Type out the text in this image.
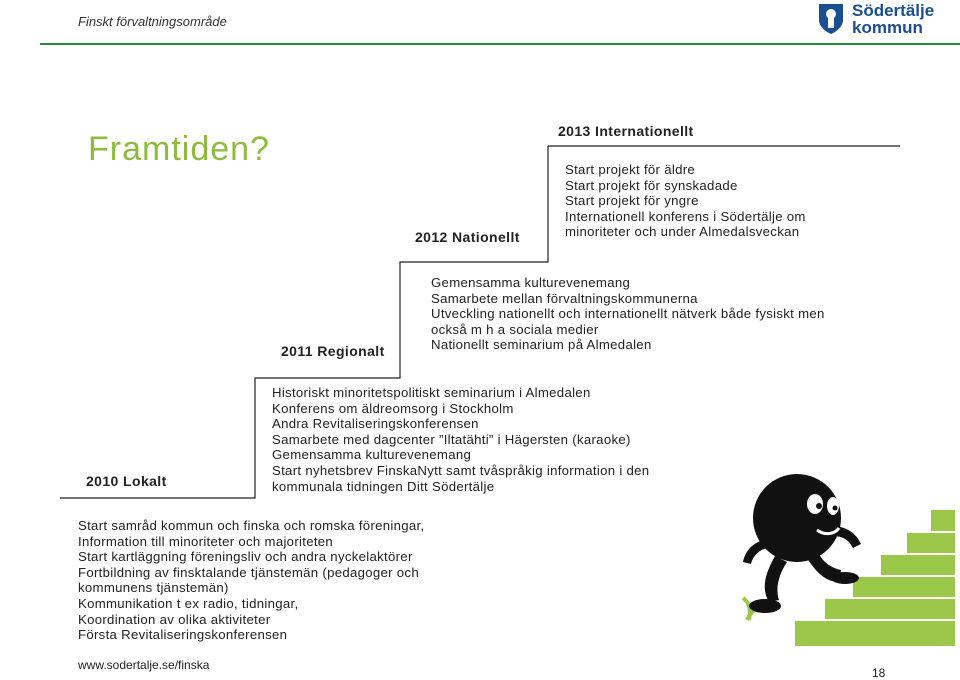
Finskt förvaltningsområde
Södertälje
kommun
Framtiden?	2013 Internationellt
Start projekt för äldre
Start projekt för synskadade
Start projekt för yngre
Internationell konferens i Södertälje om
minoriteter och under Almedalsveckan
2012 Nationellt
Gemensamma kulturevenemang
Samarbete mellan förvaltningskommunerna
Utveckling nationellt och internationellt nätverk både fysiskt men
också m h a sociala medier
Nationellt seminarium på Almedalen
2011 Regionalt
Historiskt minoritetspolitiskt seminarium i Almedalen
Konferens om äldreomsorg i Stockholm
Andra Revitaliseringskonferensen
Samarbete med dagcenter ”Iltatähti” i Hägersten (karaoke)
Gemensamma kulturevenemang
Start nyhetsbrev FinskaNytt samt tvåspråkig information i den
kommunala tidningen Ditt Södertälje
2010 Lokalt
Start samråd kommun och finska och romska föreningar,
Information till minoriteter och majoriteten
Start kartläggning föreningsliv och andra nyckelaktörer
Fortbildning av finsktalande tjänstemän (pedagoger och
kommunens tjänstemän)
Kommunikation t ex radio, tidningar,
Koordination av olika aktiviteter
Första Revitaliseringskonferensen
www.sodertalje.se/finska
18
